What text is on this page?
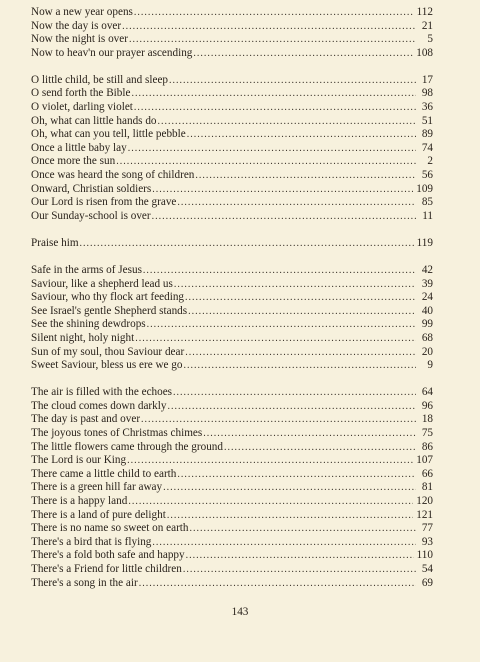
Now a new year opens .....	112
Now the day is over .....	21
Now the night is over .....	5
Now to heav'n our prayer ascending .....	108
O little child, be still and sleep .....	17
O send forth the Bible .....	98
O violet, darling violet .....	36
Oh, what can little hands do .....	51
Oh, what can you tell, little pebble .....	89
Once a little baby lay .....	74
Once more the sun .....	2
Once was heard the song of children .....	56
Onward, Christian soldiers .....	109
Our Lord is risen from the grave .....	85
Our Sunday-school is over .....	11
Praise him .....	119
Safe in the arms of Jesus .....	42
Saviour, like a shepherd lead us .....	39
Saviour, who thy flock art feeding .....	24
See Israel's gentle Shepherd stands .....	40
See the shining dewdrops .....	99
Silent night, holy night .....	68
Sun of my soul, thou Saviour dear .....	20
Sweet Saviour, bless us ere we go .....	9
The air is filled with the echoes .....	64
The cloud comes down darkly .....	96
The day is past and over .....	18
The joyous tones of Christmas chimes .....	75
The little flowers came through the ground .....	86
The Lord is our King .....	107
There came a little child to earth .....	66
There is a green hill far away .....	81
There is a happy land .....	120
There is a land of pure delight .....	121
There is no name so sweet on earth .....	77
There's a bird that is flying .....	93
There's a fold both safe and happy .....	110
There's a Friend for little children .....	54
There's a song in the air .....	69
143
